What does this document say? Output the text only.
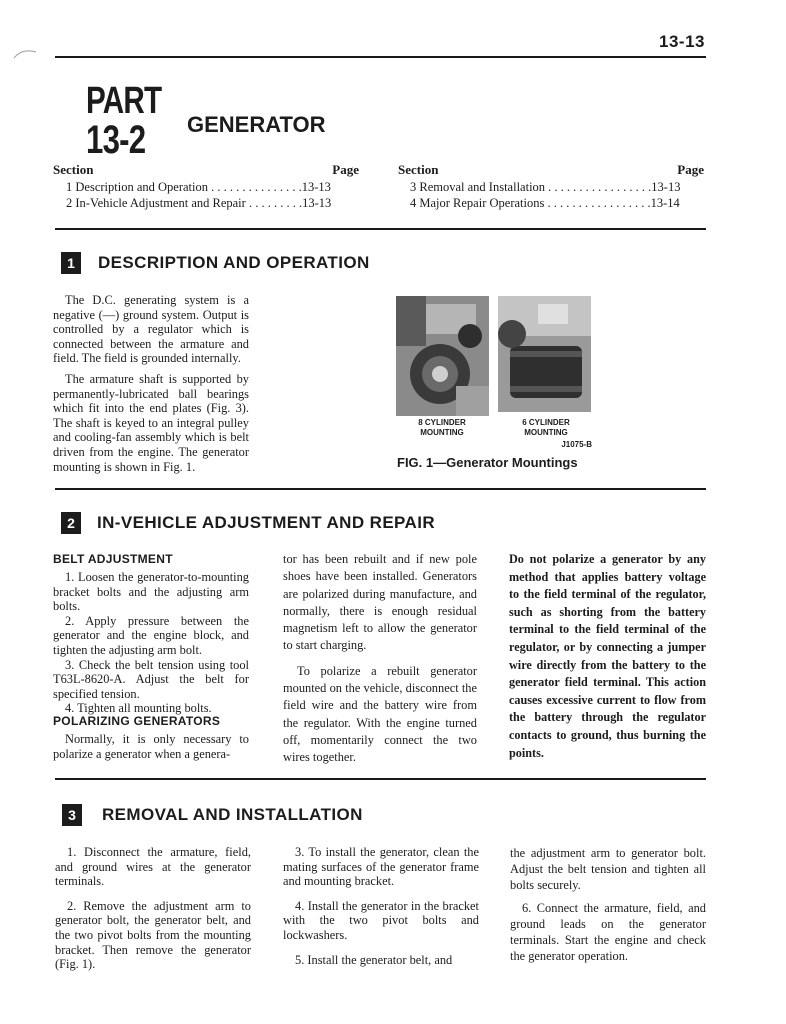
13-13
PART
13-2 GENERATOR
Section	Page	Section	Page
1 Description and Operation . . . . . . . . . . . . . . .13-13
2 In-Vehicle Adjustment and Repair . . . . . . . . .13-13
3 Removal and Installation . . . . . . . . . . . . . . . . .13-13
4 Major Repair Operations . . . . . . . . . . . . . . . . .13-14
1	DESCRIPTION AND OPERATION

The D.C. generating system is a negative (—) ground system. Output is controlled by a regulator which is connected between the armature and field. The field is grounded internally.

The armature shaft is supported by permanently-lubricated ball bearings which fit into the end plates (Fig. 3). The shaft is keyed to an integral pulley and cooling-fan assembly which is belt driven from the engine. The generator mounting is shown in Fig. 1.

8 CYLINDER MOUNTING
6 CYLINDER MOUNTING
J1075-B
FIG. 1—Generator Mountings
2	IN-VEHICLE ADJUSTMENT AND REPAIR
BELT ADJUSTMENT

1. Loosen the generator-to-mounting bracket bolts and the adjusting arm bolts.

2. Apply pressure between the generator and the engine block, and tighten the adjusting arm bolt.

3. Check the belt tension using tool T63L-8620-A. Adjust the belt for specified tension.

4. Tighten all mounting bolts.

POLARIZING GENERATORS

Normally, it is only necessary to polarize a generator when a genera-

tor has been rebuilt and if new pole shoes have been installed. Generators are polarized during manufacture, and normally, there is enough residual magnetism left to allow the generator to start charging.

To polarize a rebuilt generator mounted on the vehicle, disconnect the field wire and the battery wire from the regulator. With the engine turned off, momentarily connect the two wires together.

Do not polarize a generator by any method that applies battery voltage to the field terminal of the regulator, such as shorting from the battery terminal to the field terminal of the regulator, or by connecting a jumper wire directly from the battery to the generator field terminal. This action causes excessive current to flow from the battery through the regulator contacts to ground, thus burning the points.
3	REMOVAL AND INSTALLATION

1. Disconnect the armature, field, and ground wires at the generator terminals.

2. Remove the adjustment arm to generator bolt, the generator belt, and the two pivot bolts from the mounting bracket. Then remove the generator (Fig. 1).

3. To install the generator, clean the mating surfaces of the generator frame and mounting bracket.

4. Install the generator in the bracket with the two pivot bolts and lockwashers.

5. Install the generator belt, and

the adjustment arm to generator bolt. Adjust the belt tension and tighten all bolts securely.

6. Connect the armature, field, and ground leads on the generator terminals. Start the engine and check the generator operation.
